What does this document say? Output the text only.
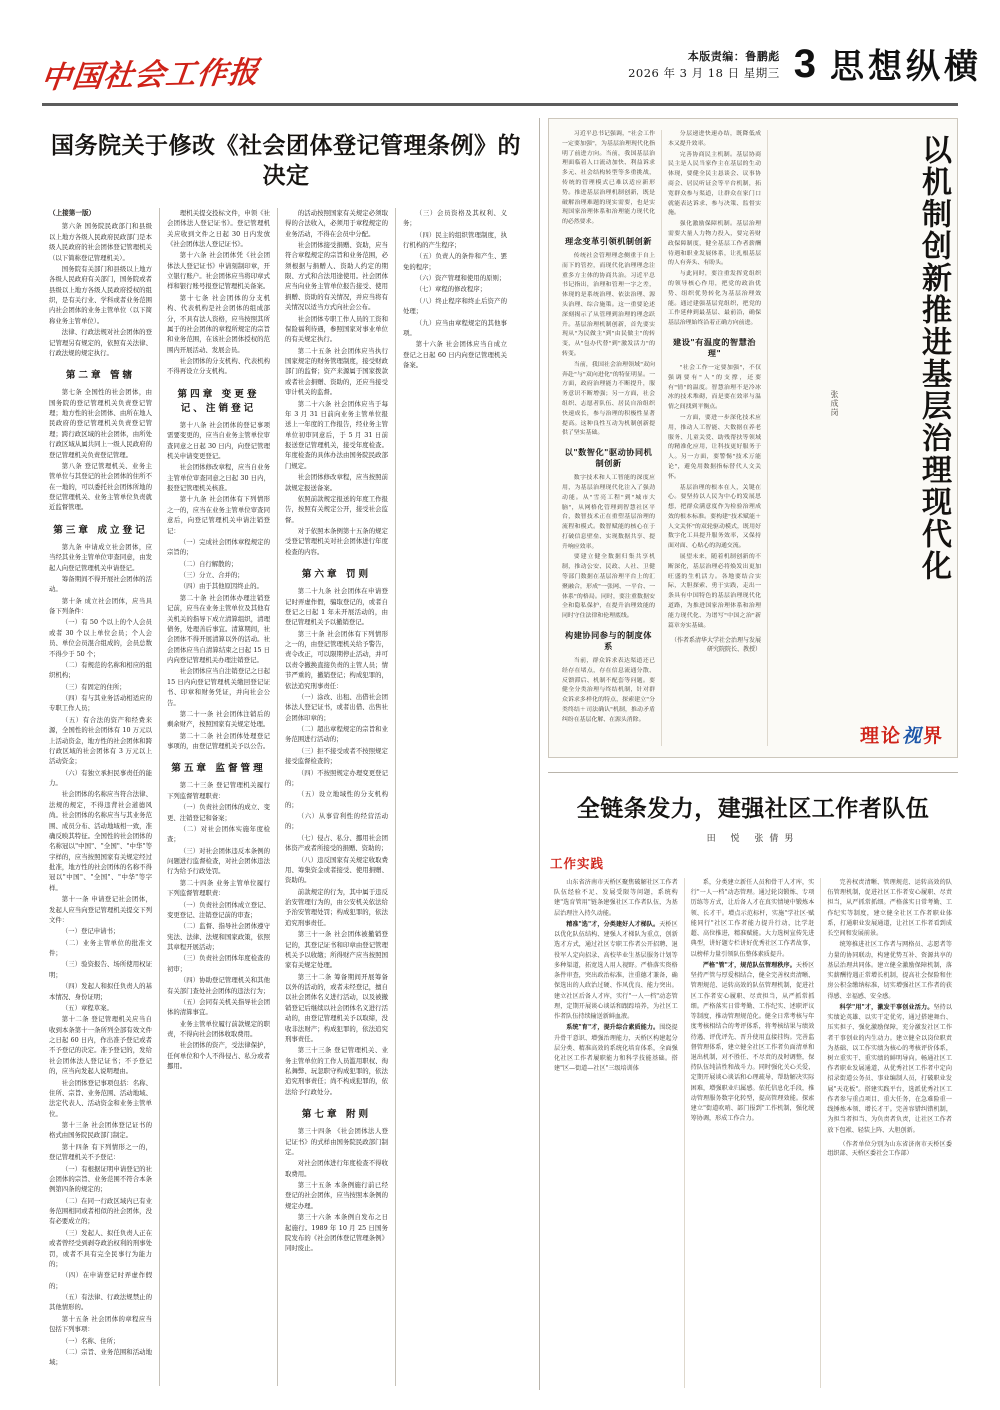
中国社会工作报	本版责编：鲁鹏彪
2026 年 3 月 18 日 星期三 3 思想纵横
国务院关于修改《社会团体登记管理条例》的决定

（上接第一版）

第六条 国务院民政部门和县级以上地方各级人民政府民政部门是本级人民政府的社会团体登记管理机关（以下简称登记管理机关）。

国务院有关部门和县级以上地方各级人民政府有关部门，国务院或者县级以上地方各级人民政府授权的组织，是有关行业、学科或者业务范围内社会团体的业务主管单位（以下简称业务主管单位）。

法律、行政法规对社会团体的登记管理另有规定的，依照有关法律、行政法规的规定执行。

第二章 管辖

第七条 全国性的社会团体，由国务院的登记管理机关负责登记管理；地方性的社会团体、由所在地人民政府的登记管理机关负责登记管理；跨行政区域的社会团体，由所处行政区域从属共同上一级人民政府的登记管理机关负责登记管理。

第八条 登记管理机关、业务主管单位与其登记的社会团体的住所不在一地的，可以委托社会团体所地的登记管理机关、业务主管单位负责就近监督管理。

第三章 成立登记

第九条 申请成立社会团体，应当经其业务主管单位审查同意，由发起人向登记管理机关申请登记。

筹备期间不得开展社会团体的活动。

第十条 成立社会团体，应当具备下列条件：

（一）有 50 个以上的个人会员或者 30 个以上单位会员；个人会员、单位会员混合组成的，会员总数不得少于 50 个；

（二）有规范的名称和相应的组织机构；

（三）有固定的住所；

（四）有与其业务活动相适应的专职工作人员；

（五）有合法的资产和经费来源，全国性的社会团体有 10 万元以上活动资金，地方性的社会团体和跨行政区域的社会团体有 3 万元以上活动资金；

（六）有独立承担民事责任的能力。

社会团体的名称应当符合法律、法规的规定，不得违背社会道德风尚。社会团体的名称应当与其业务范围、成员分布、活动地域相一致，准确反映其特征。全国性的社会团体的名称冠以"中国"、"全国"、"中华"等字样的，应当按照国家有关规定经过批准，地方性的社会团体的名称不得冠以"中国"、"全国"、"中华"等字样。

第十一条 申请登记社会团体，发起人应当向登记管理机关提交下列文件：

（一）登记申请书；

（二）业务主管单位的批准文件；

（三）验资报告、场所使用权证明；

（四）发起人和拟任负责人的基本情况、身份证明；

（五）章程草案。

第十二条 登记管理机关应当自收到本条第十一条所列全部有效文件之日起 60 日内，作出准予登记或者不予登记的决定。准予登记的，发给社会团体法人登记证书；不予登记的，应当向发起人说明理由。

社会团体登记事项包括：名称、住所、宗旨、业务范围、活动地域、法定代表人、活动资金和业务主管单位。

第十三条 社会团体登记证书的格式由国务院民政部门制定。

第十四条 有下列情形之一的，登记管理机关不予登记：

（一）有根据证明申请登记的社会团体的宗旨、业务范围不符合本条例第四条的规定的；

（二）在同一行政区域内已有业务范围相同或者相似的社会团体，没有必要成立的；

（三）发起人、拟任负责人正在或者曾经受到剥夺政治权利的刑事处罚，或者不具有完全民事行为能力的；

（四）在申请登记时弄虚作假的；

（五）有法律、行政法规禁止的其他情形的。

第十五条 社会团体的章程应当包括下列事项：

（一）名称、住所；

（二）宗旨、业务范围和活动地域；

理机关提交投标文件，申领《社会团体法人登记证书》。登记管理机关应收到文件之日起 30 日内发放《社会团体法人登记证书》。

第十六条 社会团体凭《社会团体法人登记证书》申请刻制印章，开立银行账户。社会团体应当将印章式样和银行账号报登记管理机关备案。

第十七条 社会团体的分支机构、代表机构是社会团体的组成部分，不具有法人资格，应当按照其所属于的社会团体的章程所规定的宗旨和业务范围，在该社会团体授权的范围内开展活动、发展会员。

社会团体的分支机构、代表机构不得再设立分支机构。

第四章 变更登记、注销登记

第十八条 社会团体的登记事项需要变更的，应当自业务主管单位审查同意之日起 30 日内，向登记管理机关申请变更登记。

社会团体修改章程，应当自业务主管单位审查同意之日起 30 日内，报登记管理机关核准。

第十九条 社会团体有下列情形之一的，应当在业务主管单位审查同意后，向登记管理机关申请注销登记：

（一）完成社会团体章程规定的宗旨的；

（二）自行解散的；

（三）分立、合并的；

（四）由于其他原因终止的。

第二十条 社会团体办理注销登记前，应当在业务主管单位及其他有关机关的指导下成立清算组织，清理债务，处理善后事宜。清算期间，社会团体不得开展清算以外的活动。社会团体应当自清算结束之日起 15 日内向登记管理机关办理注销登记。

社会团体应当自注销登记之日起 15 日内向登记管理机关缴回登记证书、印章和财务凭证，并向社会公告。

第二十一条 社会团体注销后的剩余财产，按照国家有关规定处理。

第二十二条 社会团体处理登记事项的，由登记管理机关予以公告。

第五章 监督管理

第二十三条 登记管理机关履行下列监督管理职责：

（一）负责社会团体的成立、变更、注销登记和备案；

（二）对社会团体实施年度检查；

（三）对社会团体违反本条例的问题进行监督检查，对社会团体违法行为给予行政处罚。

第二十四条 业务主管单位履行下列监督管理职责：

（一）负责社会团体成立登记、变更登记、注销登记前的审查；

（二）监督、指导社会团体遵守宪法、法律、法规和国家政策，依照其章程开展活动；

（三）负责社会团体年度检查的初审；

（四）协助登记管理机关和其他有关部门查处社会团体的违法行为；

（五）会同有关机关指导社会团体的清算事宜。

业务主管单位履行前款规定的职责，不得向社会团体收取费用。

社会团体的资产，受法律保护，任何单位和个人不得侵占、私分或者挪用。

的活动按照国家有关规定必须取得的合法收入，必须用于章程规定的业务活动，不得在会员中分配。

社会团体接受捐赠、资助，应当符合章程规定的宗旨和业务范围，必须根据与捐赠人、资助人约定的期限、方式和合法用途使用。社会团体应当向业务主管单位报告接受、使用捐赠、资助的有关情况，并应当将有关情况以适当方式向社会公布。

社会团体专职工作人员的工资和保险福利待遇，参照国家对事业单位的有关规定执行。

第二十五条 社会团体应当执行国家规定的财务管理制度，接受财政部门的监督；资产来源属于国家拨款或者社会捐赠、资助的，还应当接受审计机关的监督。

第二十六条 社会团体应当于每年 3 月 31 日前向业务主管单位报送上一年度的工作报告，经业务主管单位初审同意后，于 5 月 31 日前报送登记管理机关，接受年度检查。年度检查的具体办法由国务院民政部门规定。

社会团体修改章程，应当按照前款规定报送备案。

依照前款规定报送的年度工作报告，按照有关规定公开，接受社会监督。

对于依照本条例第十五条的规定受登记管理机关对社会团体进行年度检查的内容。

第六章 罚则

第二十九条 社会团体在申请登记时弄虚作假，骗取登记的，或者自登记之日起 1 年未开展活动的，由登记管理机关予以撤销登记。

第三十条 社会团体有下列情形之一的，由登记管理机关给予警告，责令改正，可以限期停止活动，并可以责令撤换直接负责的主管人员；情节严重的，撤销登记；构成犯罪的，依法追究刑事责任：

（一）涂改、出租、出借社会团体法人登记证书，或者出借、出售社会团体印章的；

（二）超出章程规定的宗旨和业务范围进行活动的；

（三）拒不接受或者不按照规定接受监督检查的；

（四）不按照规定办理变更登记的；

（五）设立地域性的分支机构的；

（六）从事营利性的经营活动的；

（七）侵占、私分、挪用社会团体资产或者所接受的捐赠、资助的；

（八）违反国家有关规定收取费用、筹集资金或者接受、使用捐赠、资助的。

前款规定的行为，其中属于违反治安管理行为的，由公安机关依法给予治安管理处罚；构成犯罪的，依法追究刑事责任。

第三十一条 社会团体被撤销登记的，其登记证书和印章由登记管理机关予以收缴；所得财产应当按照国家有关规定处理。

第三十二条 筹备期间开展筹备以外的活动的，或者未经登记，擅自以社会团体名义进行活动，以及被撤销登记后继续以社会团体名义进行活动的，由登记管理机关予以取缔，没收非法财产；构成犯罪的，依法追究刑事责任。

第三十三条 登记管理机关、业务主管单位的工作人员滥用职权、徇私舞弊、玩忽职守构成犯罪的，依法追究刑事责任；尚不构成犯罪的，依法给予行政处分。

第七章 附则

第三十四条 《社会团体法人登记证书》的式样由国务院民政部门制定。

对社会团体进行年度检查不得收取费用。

第三十五条 本条例施行前已经登记的社会团体，应当按照本条例的规定办理。

第三十六条 本条例自发布之日起施行。1989 年 10 月 25 日国务院发布的《社会团体登记管理条例》同时废止。

（三）会员资格及其权利、义务；

（四）民主的组织管理制度，执行机构的产生程序；

（五）负责人的条件和产生、罢免的程序；

（六）资产管理和使用的原则；

（七）章程的修改程序；

（八）终止程序和终止后资产的处理；

（九）应当由章程规定的其他事项。

第十六条 社会团体应当自成立登记之日起 60 日内向登记管理机关备案。	以机制创新推进基层治理现代化
张成岗

习近平总书记强调，"社会工作一定要加强"，为基层治理现代化指明了前进方向。当前，我国基层治理面临着人口流动加快、利益诉求多元、社会结构转型等多重挑战，传统的管理模式已难以适应新形势。推进基层治理机制创新，既是破解治理难题的现实需要，也是实现国家治理体系和治理能力现代化的必然要求。

理念变革引领机制创新

传统社会管理理念侧重于自上而下的管控，而现代化治理理念注重多方主体的协商共治。习近平总书记指出，治理和管理一字之差，体现的是系统治理、依法治理、源头治理、综合施策。这一重要论述深刻揭示了从管理到治理的理念跃升。基层治理机制创新，首先要实现从"为民做主"到"由民做主"的转变，从"包办代替"到"激发活力"的转变。

当前，我国社会治理领域"双向奔赴"与"双向进化"的特征明显。一方面，政府治理能力不断提升，服务意识不断增强；另一方面，社会组织、志愿者队伍、居民自治组织快速成长，参与治理的积极性显著提高。这种良性互动为机制创新提供了坚实基础。

以"数智化"驱动协同机制创新

数字技术和人工智能的深度应用，为基层治理现代化注入了强劲动能。从"雪亮工程"到"城市大脑"，从网格化管理到智慧社区平台，数智技术正在重塑基层治理的流程和模式。数智赋能的核心在于打破信息壁垒、实现数据共享、提升响应效率。

要建立健全数据归集共享机制，推动公安、民政、人社、卫健等部门数据在基层治理平台上的汇聚融合，形成"一张网、一平台、一体系"的格局。同时，要注重数据安全和隐私保护，在提升治理效能的同时守住法律和伦理底线。

构建协同参与的制度体系

当前，群众诉求表达渠道还已经存在堵点，存在信息流通分散、反馈滞后、机制不配套等问题。要健全分类治理与终结机制，针对群众诉求多样化的特点，探索建立"分类终结＋司法确认"机制，推动矛盾纠纷在基层化解、在源头消除。

分层递进快速办结，既降低成本又提升效率。

完善协商民主机制。基层协商民主是人民当家作主在基层的生动体现，要健全民主恳谈会、议事协商会、居民听证会等平台机制，拓宽群众参与渠道，让群众在家门口就能表达诉求、参与决策、监督实施。

强化激励保障机制。基层治理需要大量人力物力投入，要完善财政保障制度，健全基层工作者薪酬待遇和职业发展体系，让扎根基层的人有奔头、有盼头。

与此同时，要注重发挥党组织的领导核心作用，把党的政治优势、组织优势转化为基层治理效能。通过建强基层党组织，把党的工作延伸到最基层、最前沿，确保基层治理始终沿着正确方向前进。

建设"有温度的智慧治理"

"社会工作一定要加强"，不仅强调要有"人"的支撑，还要有"情"的温度。智慧治理不是冷冰冰的技术堆砌，而是要在效率与温情之间找到平衡点。

一方面，要进一步深化技术应用，推动人工智能、大数据在养老服务、儿童关爱、助残帮扶等领域的精准化应用，让科技更好服务于人。另一方面，要警惕"技术万能论"，避免用数据指标替代人文关怀。

基层治理的根本在人，关键在心。要坚持以人民为中心的发展思想，把群众满意度作为检验治理成效的根本标准。要构建"技术赋能＋人文关怀"的双轮驱动模式，既用好数字化工具提升服务效率，又保持面对面、心贴心的沟通交流。

展望未来，随着机制创新的不断深化，基层治理必将焕发出更加旺盛的生机活力。各地要结合实际，大胆探索、勇于实践，走出一条具有中国特色的基层治理现代化道路，为推进国家治理体系和治理能力现代化、为谱写"中国之治"新篇章夯实基础。

（作者系清华大学社会治理与发展研究院院长、教授）

理论视界
全链条发力，建强社区工作者队伍
田 悦 张倩男
工作实践

山东省济南市天桥区聚焦破解社区工作者队伍经验不足、发展受限等问题，系统构建"选育管用"链条建强社区工作者队伍，为基层治理注入持久动能。

精准"选"才，分类建好人才梯队。天桥区以优化队伍结构、建强人才梯队为重点，创新选才方式，通过社区专职工作者公开招聘、退役军人定向招录、高校毕业生基层服务计划等多种渠道，拓宽选人用人视野。严格落实资格条件审查，突出政治标准，注重德才兼备，确保选出的人政治过硬、作风优良、能力突出。建立社区后备人才库，实行"一人一档"动态管理，定期开展谈心谈话和跟踪培养，为社区工作者队伍持续输送新鲜血液。

系统"育"才，提升综合素质能力。围绕提升骨干意识、增强治理能力，天桥区构建起分层分类、精准高效的系统化培育体系，全面强化社区工作者履职能力和科学技能基础。搭建"区—街道—社区"三级培训体

系，分类建立新任人员和骨干人才库，实行"一人一档"动态管理。通过轮岗锻炼、专项历练等方式，让后备人才在真实情境中锻炼本领、长才干。增点示范标杆，实施"学社区·赋能同行"社区工作者能力提升行动，比学赶超、高位推进，精准赋能。大力选树宣传先进典型，讲好题专栏讲好优秀社区工作者故事，以榜样力量引领队伍整体素质提升。

严格"管"才，规范队伍管理秩序。天桥区坚持严管与厚爱相结合，健全完善权责清晰、管理规范、运转高效的队伍管理机制，促进社区工作者安心履职、尽责担当，从严抓常抓细。严格落实日常考勤、工作纪实、述职评议等制度，推动管理规范化。健全日常考核与年度考核相结合的考评体系，将考核结果与绩效待遇、评优评先、晋升使用直接挂钩。完善监督管理体系，建立健全社区工作者负面清单和退出机制，对不胜任、不尽责的及时调整，保持队伍纯洁性和战斗力。同时强化关心关爱，定期开展谈心谈话和心理疏导，帮助解决实际困难，增强职业归属感。依托信息化手段，推动管理服务数字化转型，提高管理效能。探索建立"街道吹哨、部门报到"工作机制，强化统筹协调，形成工作合力。

完善权责清晰、管理规范、运转高效的队伍管理机制，促进社区工作者安心履职、尽责担当，从严抓常抓细。严格落实日常考勤、工作纪实等制度，建立健全社区工作者职业体系，打通职业发展通道，让社区工作者看到成长空间和发展前景。

统筹推进社区工作者与网格员、志愿者等力量的协同联动，构建优势互补、资源共享的基层治理共同体。建立健全激励保障机制，落实薪酬待遇正常增长机制，提高社会保险和住房公积金缴纳标准，切实增强社区工作者的获得感、幸福感、安全感。

科学"用"才，激发干事创业活力。坚持以实绩论英雄、以实干定优劣，通过搭建舞台、压实担子、强化激励保障，充分激发社区工作者干事创业的内生动力。建立健全以岗位职责为基础、以工作实绩为核心的考核评价体系，树立重实干、重实绩的鲜明导向。畅通社区工作者职业发展通道，从优秀社区工作者中定向招录街道公务员、事业编制人员，打破职业发展"天花板"。搭建实践平台，选派优秀社区工作者参与重点项目、重大任务，在急难险重一线锤炼本领、增长才干。完善容错纠错机制，为担当者担当、为负责者负责，让社区工作者放下包袱、轻装上阵、大胆创新。

（作者单位分别为山东省济南市天桥区委组织部、天桥区委社会工作部）
